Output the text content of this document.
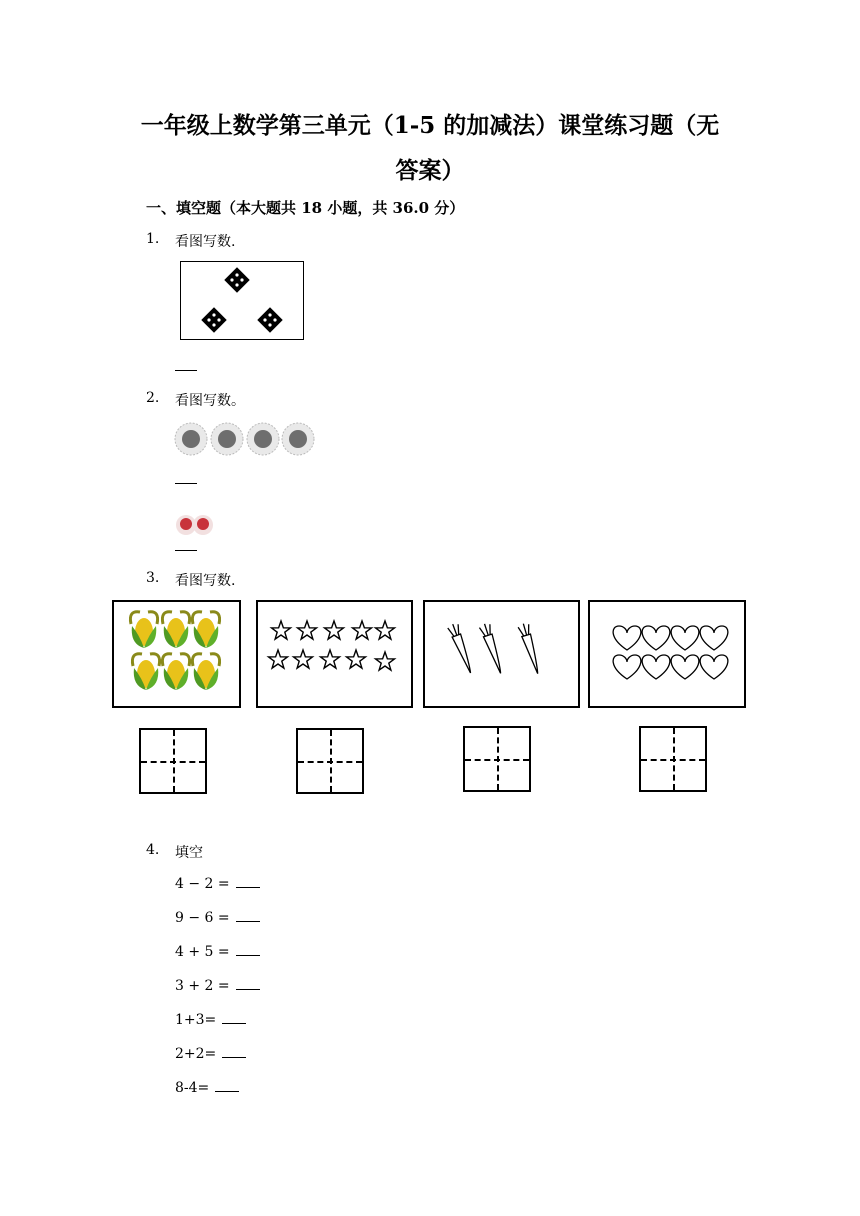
一年级上数学第三单元（1-5 的加减法）课堂练习题（无
答案）
一、填空题（本大题共 18 小题，共 36.0 分）
1. 看图写数.
2. 看图写数。
3. 看图写数.
4. 填空
4 − 2 =
9 − 6 =
4 + 5 =
3 + 2 =
1+3=
2+2=
8-4=
